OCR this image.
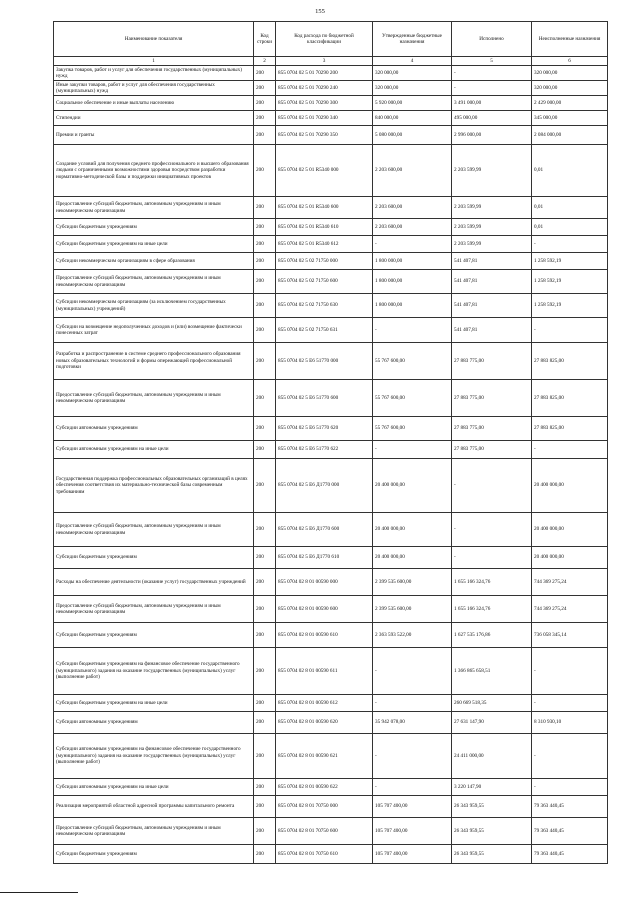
155
Наименование показателя	Код строки	Код расхода по бюджетной классификации	Утвержденные бюджетные назначения	Исполнено	Неисполненные назначения
1	2	3	4	5	6
Закупка товаров, работ и услуг для обеспечения государственных (муниципальных) нужд	200	855 0704 02 5 01 70290 200	320 000,00	-	320 000,00
Иные закупки товаров, работ и услуг для обеспечения государственных (муниципальных) нужд	200	855 0704 02 5 01 70290 240	320 000,00	-	320 000,00
Социальное обеспечение и иные выплаты населению	200	855 0704 02 5 01 70290 300	5 920 000,00	3 491 000,00	2 429 000,00
Стипендии	200	855 0704 02 5 01 70290 340	840 000,00	495 000,00	345 000,00
Премии и гранты	200	855 0704 02 5 01 70290 350	5 080 000,00	2 996 000,00	2 084 000,00
Создание условий для получения среднего профессионального и высшего образования людьми с ограниченными возможностями здоровья посредством разработки нормативно-методической базы и поддержки инициативных проектов	200	855 0704 02 5 01 R5340 000	2 203 600,00	2 203 599,99	0,01
Предоставление субсидий бюджетным, автономным учреждениям и иным некоммерческим организациям	200	855 0704 02 5 01 R5340 600	2 203 600,00	2 203 599,99	0,01
Субсидии бюджетным учреждениям	200	855 0704 02 5 01 R5340 610	2 203 600,00	2 203 599,99	0,01
Субсидии бюджетным учреждениям на иные цели	200	855 0704 02 5 01 R5340 612	-	2 203 599,99	-
Субсидии некоммерческим организациям в сфере образования	200	855 0704 02 5 02 71750 000	1 800 000,00	541 407,81	1 258 592,19
Предоставление субсидий бюджетным, автономным учреждениям и иным некоммерческим организациям	200	855 0704 02 5 02 71750 600	1 800 000,00	541 407,81	1 258 592,19
Субсидии некоммерческим организациям (за исключением государственных (муниципальных) учреждений)	200	855 0704 02 5 02 71750 630	1 800 000,00	541 407,81	1 258 592,19
Субсидии на возмещение недополученных доходов и (или) возмещение фактически понесенных затрат	200	855 0704 02 5 02 71750 631	-	541 407,81	-
Разработка и распространение в системе среднего профессионального образования новых образовательных технологий и формы опережающей профессиональной подготовки	200	855 0704 02 5 E6 51770 000	55 767 600,00	27 883 775,00	27 883 825,00
Предоставление субсидий бюджетным, автономным учреждениям и иным некоммерческим организациям	200	855 0704 02 5 E6 51770 600	55 767 600,00	27 883 775,00	27 883 825,00
Субсидии автономным учреждениям	200	855 0704 02 5 E6 51770 620	55 767 600,00	27 883 775,00	27 883 825,00
Субсидии автономным учреждениям на иные цели	200	855 0704 02 5 E6 51770 622	-	27 883 775,00	-
Государственная поддержка профессиональных образовательных организаций в целях обеспечения соответствия их материально-технической базы современным требованиям	200	855 0704 02 5 E6 Д1770 000	20 400 000,00	-	20 400 000,00
Предоставление субсидий бюджетным, автономным учреждениям и иным некоммерческим организациям	200	855 0704 02 5 E6 Д1770 600	20 400 000,00	-	20 400 000,00
Субсидии бюджетным учреждениям	200	855 0704 02 5 E6 Д1770 610	20 400 000,00	-	20 400 000,00
Расходы на обеспечение деятельности (оказание услуг) государственных учреждений	200	855 0704 02 8 01 00590 000	2 399 535 600,00	1 655 166 324,76	744 369 275,24
Предоставление субсидий бюджетным, автономным учреждениям и иным некоммерческим организациям	200	855 0704 02 8 01 00590 600	2 399 535 600,00	1 655 166 324,76	744 369 275,24
Субсидии бюджетным учреждениям	200	855 0704 02 8 01 00590 610	2 363 593 522,00	1 627 535 176,86	736 058 345,14
Субсидии бюджетным учреждениям на финансовое обеспечение государственного (муниципального) задания на оказание государственных (муниципальных) услуг (выполнение работ)	200	855 0704 02 8 01 00590 611	-	1 366 865 658,51	-
Субсидии бюджетным учреждениям на иные цели	200	855 0704 02 8 01 00590 612	-	260 669 518,35	-
Субсидии автономным учреждениям	200	855 0704 02 8 01 00590 620	35 942 078,00	27 631 147,90	8 310 930,10
Субсидии автономным учреждениям на финансовое обеспечение государственного (муниципального) задания на оказание государственных (муниципальных) услуг (выполнение работ)	200	855 0704 02 8 01 00590 621	-	24 411 000,00	-
Субсидии автономным учреждениям на иные цели	200	855 0704 02 8 01 00590 622	-	3 220 147,90	-
Реализация мероприятий областной адресной программы капитального ремонта	200	855 0704 02 8 01 70750 000	105 707 400,00	26 343 959,55	79 363 440,45
Предоставление субсидий бюджетным, автономным учреждениям и иным некоммерческим организациям	200	855 0704 02 8 01 70750 600	105 707 400,00	26 343 959,55	79 363 440,45
Субсидии бюджетным учреждениям	200	855 0704 02 8 01 70750 610	105 707 400,00	26 343 959,55	79 363 440,45
